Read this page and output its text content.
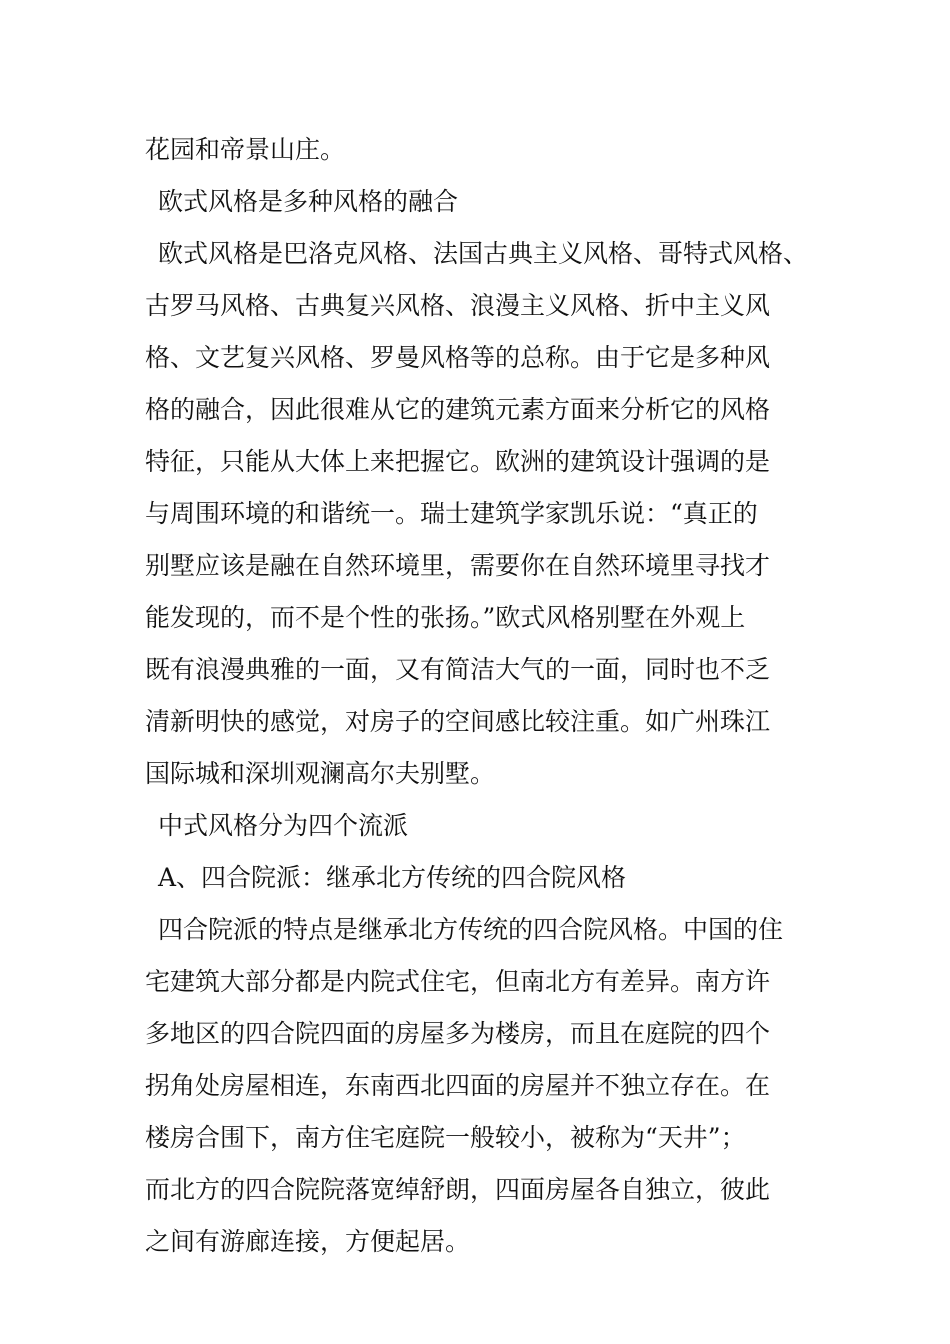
花园和帝景山庄。
欧式风格是多种风格的融合
欧式风格是巴洛克风格、法国古典主义风格、哥特式风格、
古罗马风格、古典复兴风格、浪漫主义风格、折中主义风
格、文艺复兴风格、罗曼风格等的总称。由于它是多种风
格的融合，因此很难从它的建筑元素方面来分析它的风格
特征，只能从大体上来把握它。欧洲的建筑设计强调的是
与周围环境的和谐统一。瑞士建筑学家凯乐说：“真正的
别墅应该是融在自然环境里，需要你在自然环境里寻找才
能发现的，而不是个性的张扬。”欧式风格别墅在外观上
既有浪漫典雅的一面，又有简洁大气的一面，同时也不乏
清新明快的感觉，对房子的空间感比较注重。如广州珠江
国际城和深圳观澜高尔夫别墅。
中式风格分为四个流派
A、四合院派：继承北方传统的四合院风格
四合院派的特点是继承北方传统的四合院风格。中国的住
宅建筑大部分都是内院式住宅，但南北方有差异。南方许
多地区的四合院四面的房屋多为楼房，而且在庭院的四个
拐角处房屋相连，东南西北四面的房屋并不独立存在。在
楼房合围下，南方住宅庭院一般较小，被称为“天井”；
而北方的四合院院落宽绰舒朗，四面房屋各自独立，彼此
之间有游廊连接，方便起居。
